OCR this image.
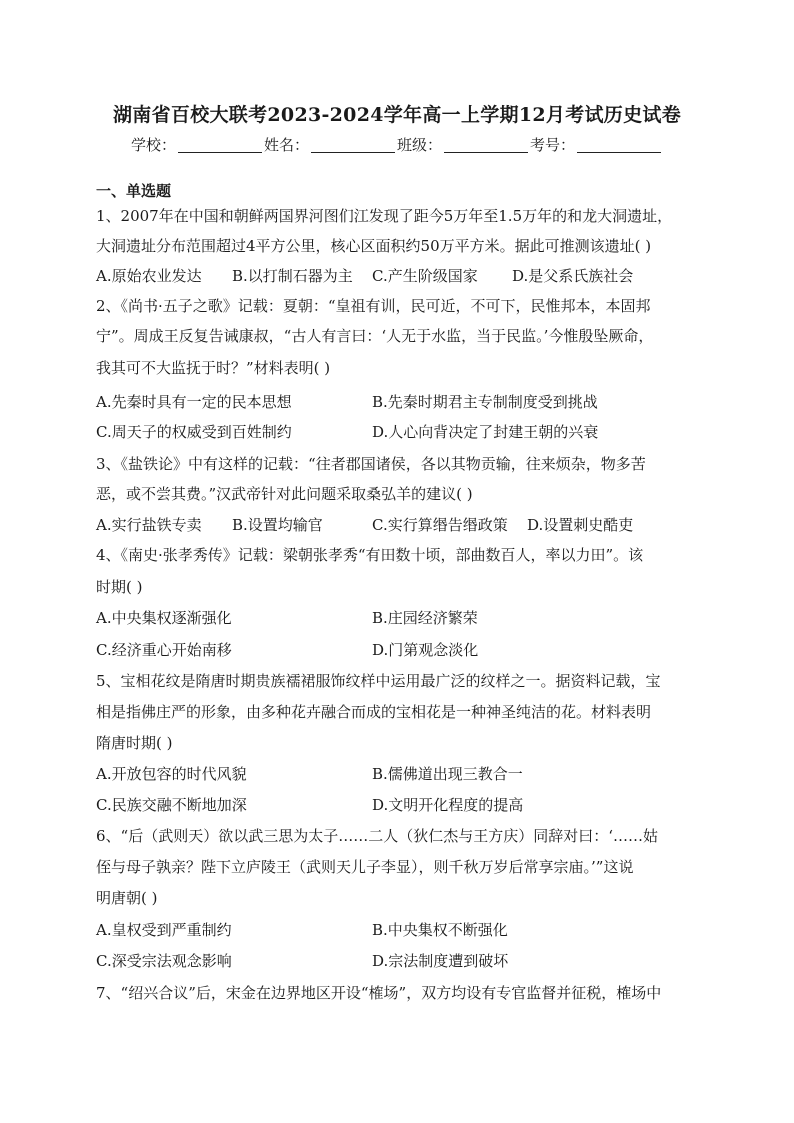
湖南省百校大联考2023-2024学年高一上学期12月考试历史试卷
学校：	姓名：	班级：	考号：
一、单选题
1、2007年在中国和朝鲜两国界河图们江发现了距今5万年至1.5万年的和龙大洞遗址，
大洞遗址分布范围超过4平方公里，核心区面积约50万平方米。据此可推测该遗址( )
A.原始农业发达 B.以打制石器为主 C.产生阶级国家 D.是父系氏族社会
2、《尚书·五子之歌》记载：夏朝：“皇祖有训，民可近，不可下，民惟邦本，本固邦
宁”。周成王反复告诫康叔，“古人有言曰：‘人无于水监，当于民监。’今惟殷坠厥命，
我其可不大监抚于时？”材料表明( )
A.先秦时具有一定的民本思想	B.先秦时期君主专制制度受到挑战
C.周天子的权威受到百姓制约	D.人心向背决定了封建王朝的兴衰
3、《盐铁论》中有这样的记载：“往者郡国诸侯，各以其物贡输，往来烦杂，物多苦
恶，或不尝其费。”汉武帝针对此问题采取桑弘羊的建议( )
A.实行盐铁专卖 B.设置均输官	C.实行算缗告缗政策 D.设置刺史酷吏
4、《南史·张孝秀传》记载：梁朝张孝秀“有田数十顷，部曲数百人，率以力田”。该
时期( )
A.中央集权逐渐强化	B.庄园经济繁荣
C.经济重心开始南移	D.门第观念淡化
5、宝相花纹是隋唐时期贵族襦裙服饰纹样中运用最广泛的纹样之一。据资料记载，宝
相是指佛庄严的形象，由多种花卉融合而成的宝相花是一种神圣纯洁的花。材料表明
隋唐时期( )
A.开放包容的时代风貌	B.儒佛道出现三教合一
C.民族交融不断地加深	D.文明开化程度的提高
6、“后（武则天）欲以武三思为太子……二人（狄仁杰与王方庆）同辞对曰：‘……姑
侄与母子孰亲？陛下立庐陵王（武则天儿子李显），则千秋万岁后常享宗庙。’”这说
明唐朝( )
A.皇权受到严重制约	B.中央集权不断强化
C.深受宗法观念影响	D.宗法制度遭到破坏
7、“绍兴合议”后，宋金在边界地区开设“榷场”，双方均设有专官监督并征税，榷场中
